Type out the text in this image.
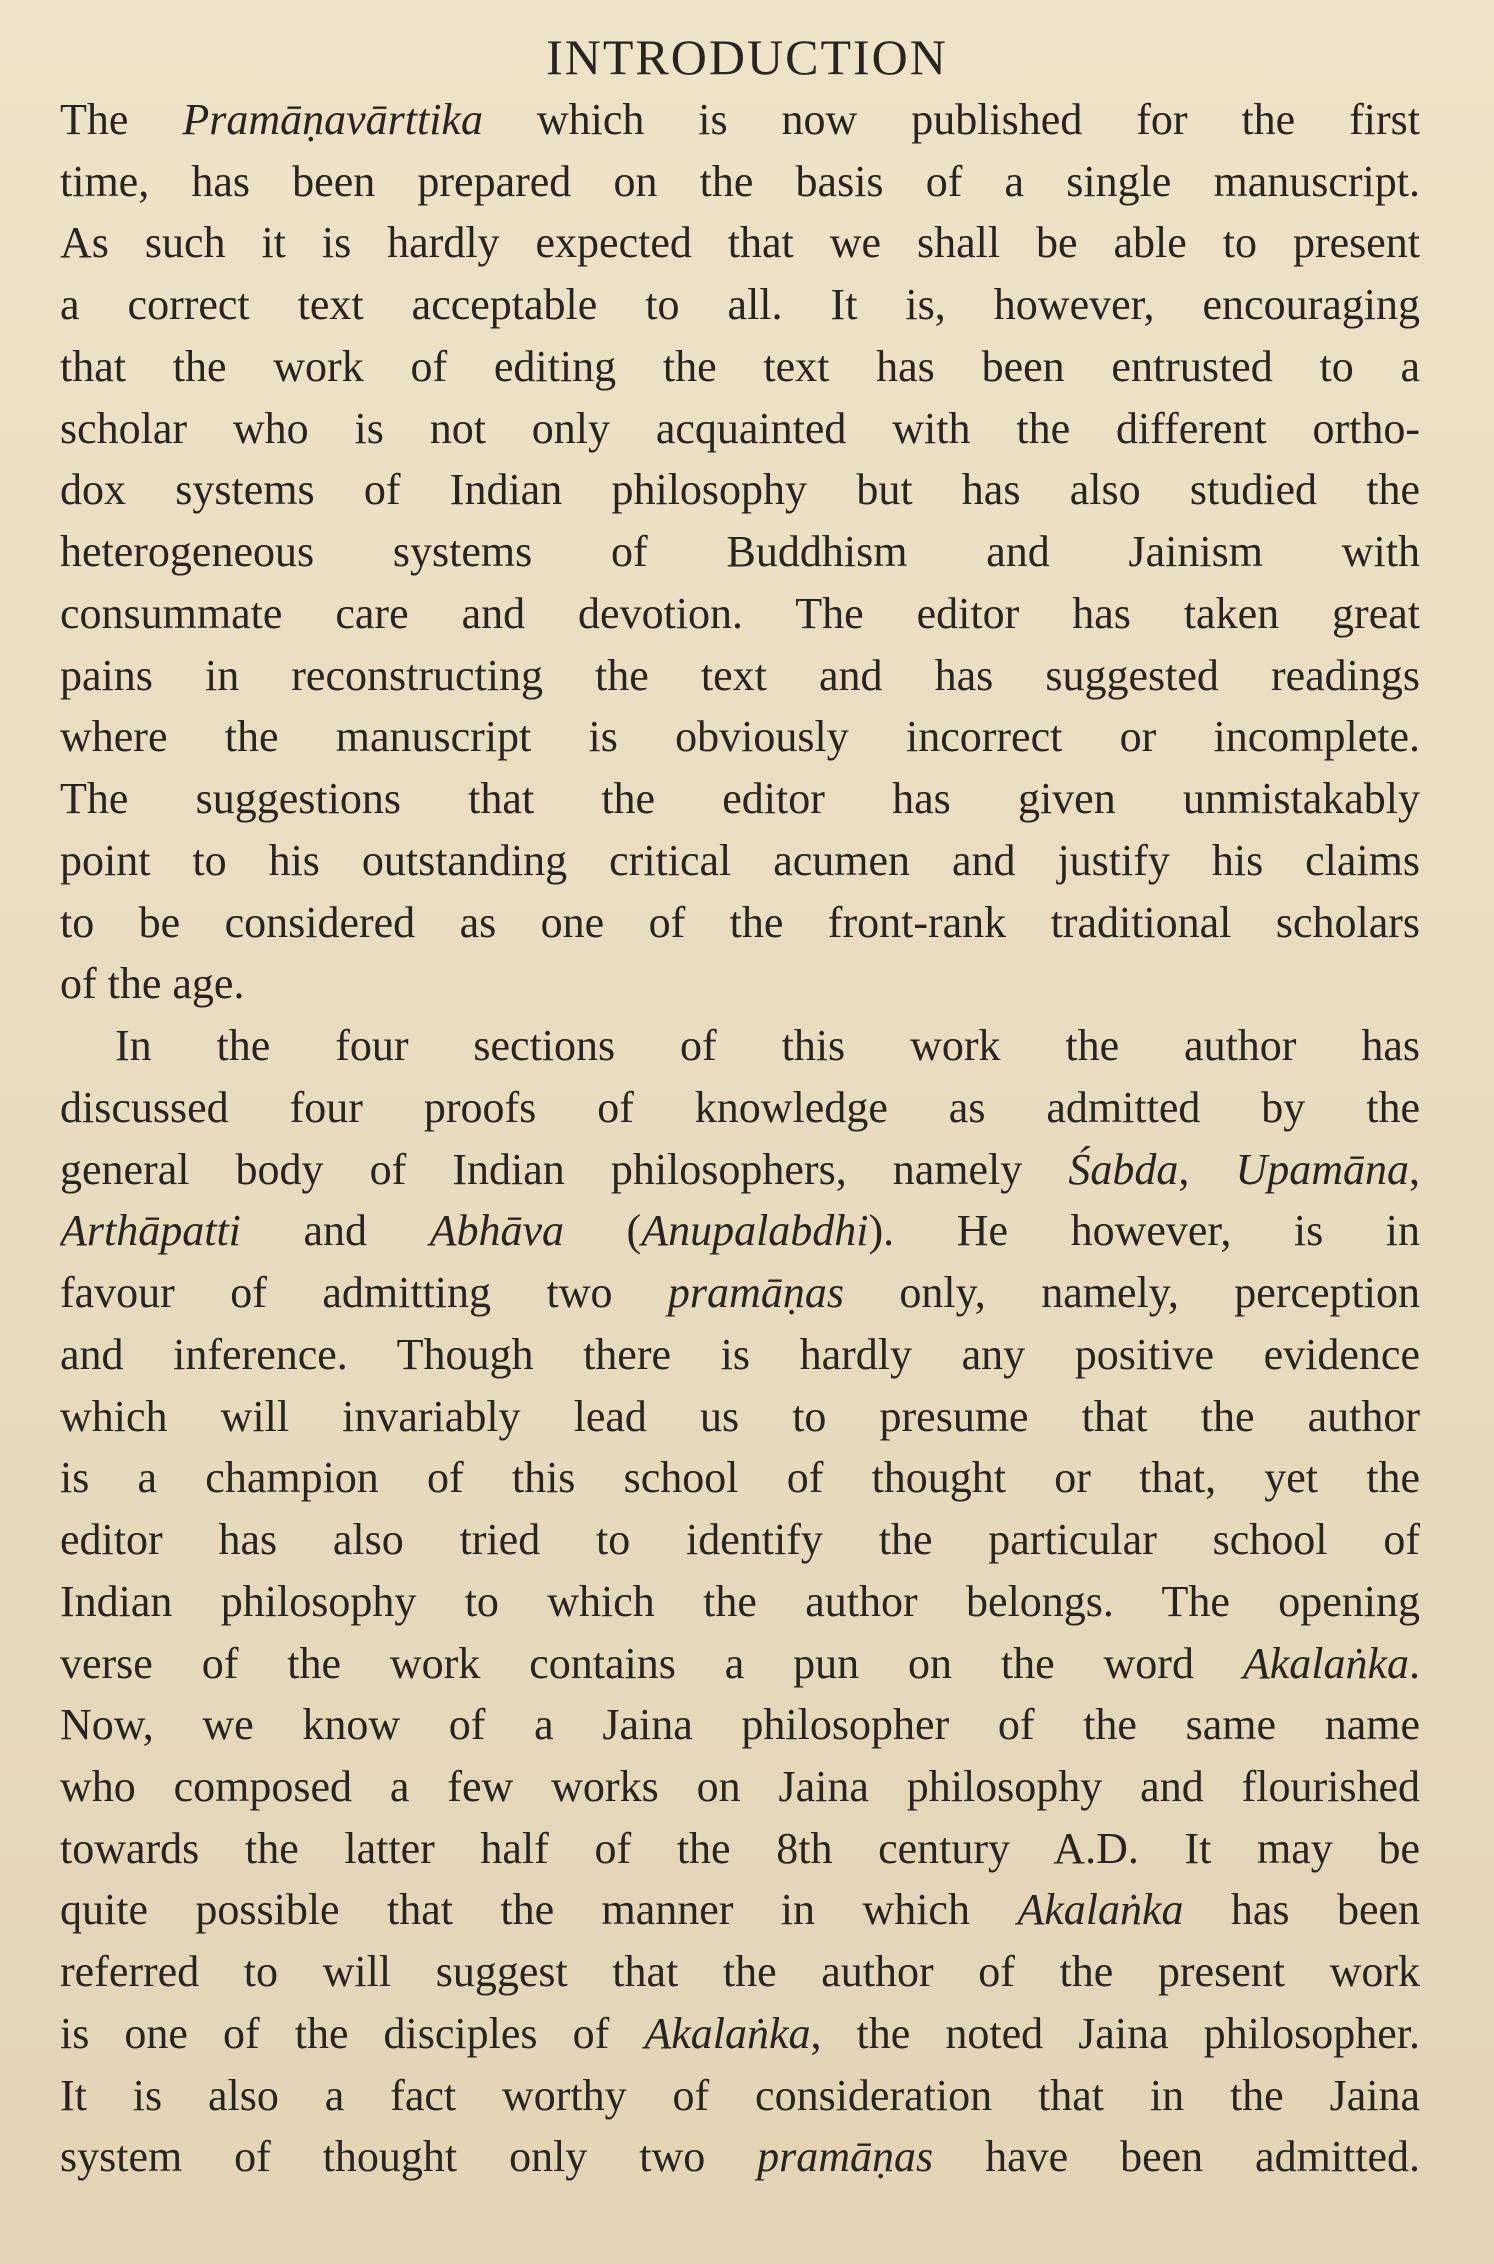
INTRODUCTION
The Pramāṇavārttika which is now published for the first
time, has been prepared on the basis of a single manuscript.
As such it is hardly expected that we shall be able to present
a correct text acceptable to all. It is, however, encouraging
that the work of editing the text has been entrusted to a
scholar who is not only acquainted with the different ortho-
dox systems of Indian philosophy but has also studied the
heterogeneous systems of Buddhism and Jainism with
consummate care and devotion. The editor has taken great
pains in reconstructing the text and has suggested readings
where the manuscript is obviously incorrect or incomplete.
The suggestions that the editor has given unmistakably
point to his outstanding critical acumen and justify his claims
to be considered as one of the front-rank traditional scholars
of the age.
In the four sections of this work the author has
discussed four proofs of knowledge as admitted by the
general body of Indian philosophers, namely Śabda, Upamāna,
Arthāpatti and Abhāva (Anupalabdhi). He however, is in
favour of admitting two pramāṇas only, namely, perception
and inference. Though there is hardly any positive evidence
which will invariably lead us to presume that the author
is a champion of this school of thought or that, yet the
editor has also tried to identify the particular school of
Indian philosophy to which the author belongs. The opening
verse of the work contains a pun on the word Akalaṅka.
Now, we know of a Jaina philosopher of the same name
who composed a few works on Jaina philosophy and flourished
towards the latter half of the 8th century A.D. It may be
quite possible that the manner in which Akalaṅka has been
referred to will suggest that the author of the present work
is one of the disciples of Akalaṅka, the noted Jaina philosopher.
It is also a fact worthy of consideration that in the Jaina
system of thought only two pramāṇas have been admitted.
